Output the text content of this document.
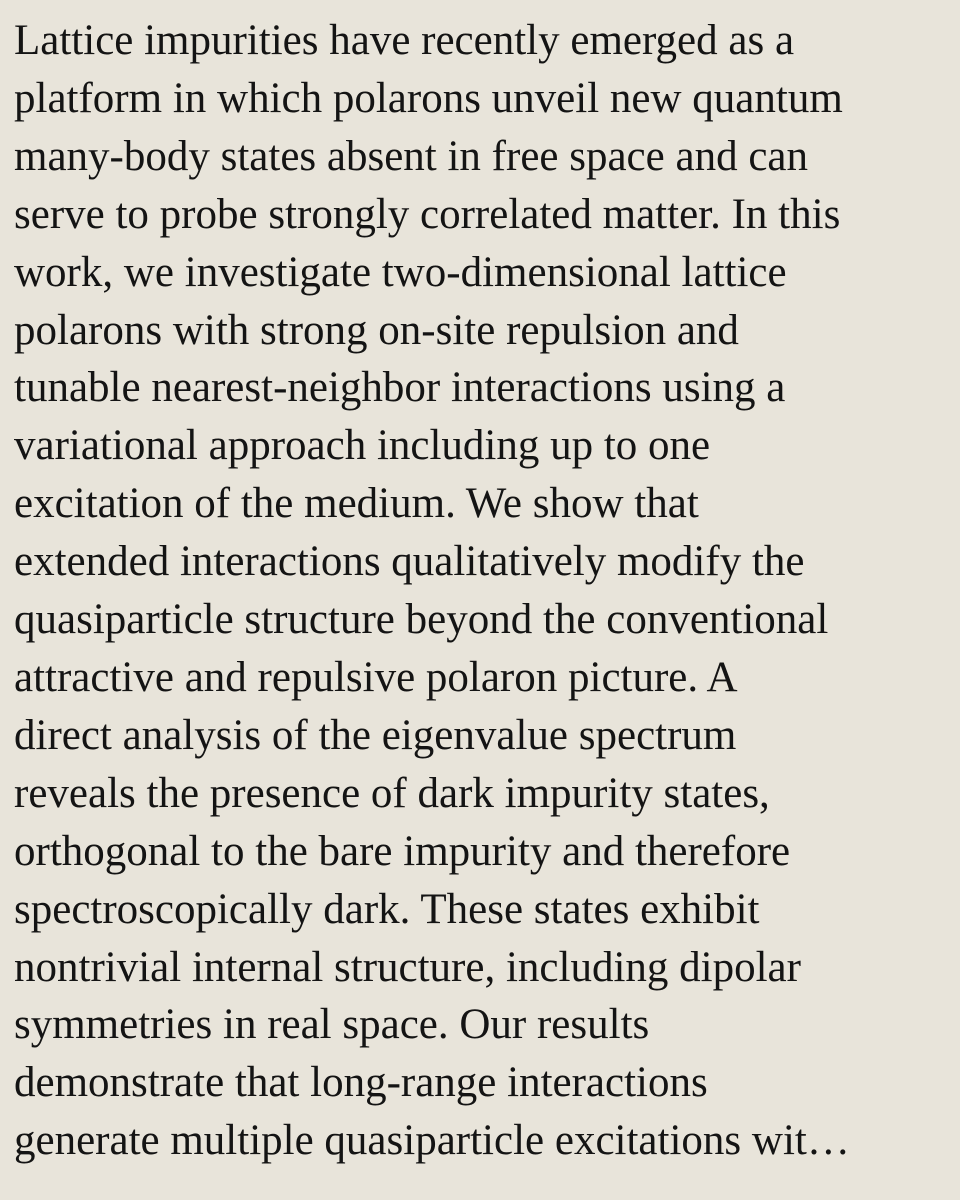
Lattice impurities have recently emerged as a
platform in which polarons unveil new quantum
many-body states absent in free space and can
serve to probe strongly correlated matter. In this
work, we investigate two-dimensional lattice
polarons with strong on-site repulsion and
tunable nearest-neighbor interactions using a
variational approach including up to one
excitation of the medium. We show that
extended interactions qualitatively modify the
quasiparticle structure beyond the conventional
attractive and repulsive polaron picture. A
direct analysis of the eigenvalue spectrum
reveals the presence of dark impurity states,
orthogonal to the bare impurity and therefore
spectroscopically dark. These states exhibit
nontrivial internal structure, including dipolar
symmetries in real space. Our results
demonstrate that long-range interactions
generate multiple quasiparticle excitations wit…
